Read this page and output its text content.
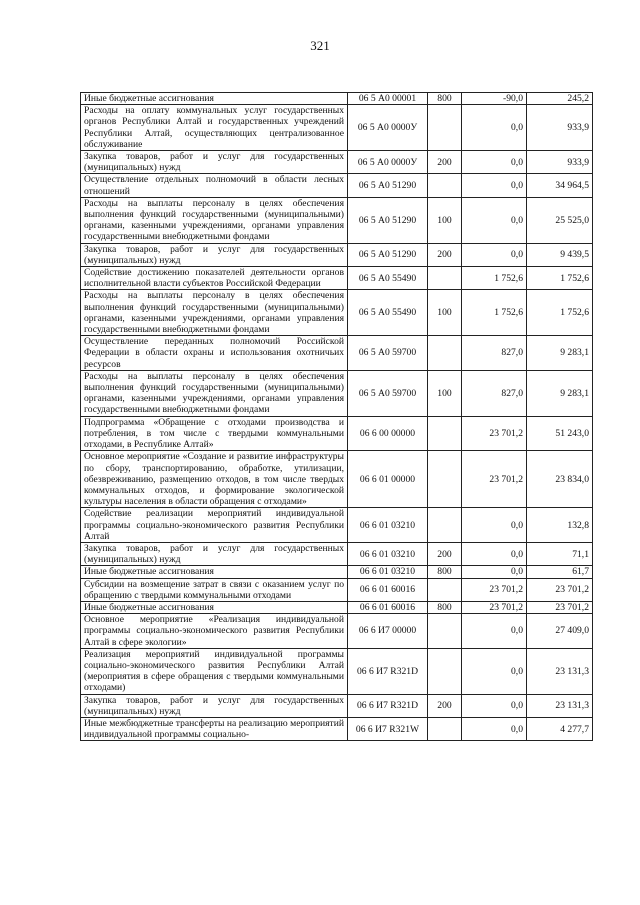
321
Иные бюджетные ассигнования	06 5 А0 00001	800	-90,0	245,2
Расходы на оплату коммунальных услуг государственных органов Республики Алтай и государственных учреждений Республики Алтай, осуществляющих централизованное обслуживание	06 5 А0 0000У		0,0	933,9
Закупка товаров, работ и услуг для государственных (муниципальных) нужд	06 5 А0 0000У	200	0,0	933,9
Осуществление отдельных полномочий в области лесных отношений	06 5 А0 51290		0,0	34 964,5
Расходы на выплаты персоналу в целях обеспечения выполнения функций государственными (муниципальными) органами, казенными учреждениями, органами управления государственными внебюджетными фондами	06 5 А0 51290	100	0,0	25 525,0
Закупка товаров, работ и услуг для государственных (муниципальных) нужд	06 5 А0 51290	200	0,0	9 439,5
Содействие достижению показателей деятельности органов исполнительной власти субъектов Российской Федерации	06 5 А0 55490		1 752,6	1 752,6
Расходы на выплаты персоналу в целях обеспечения выполнения функций государственными (муниципальными) органами, казенными учреждениями, органами управления государственными внебюджетными фондами	06 5 А0 55490	100	1 752,6	1 752,6
Осуществление переданных полномочий Российской Федерации в области охраны и использования охотничьих ресурсов	06 5 А0 59700		827,0	9 283,1
Расходы на выплаты персоналу в целях обеспечения выполнения функций государственными (муниципальными) органами, казенными учреждениями, органами управления государственными внебюджетными фондами	06 5 А0 59700	100	827,0	9 283,1
Подпрограмма «Обращение с отходами производства и потребления, в том числе с твердыми коммунальными отходами, в Республике Алтай»	06 6 00 00000		23 701,2	51 243,0
Основное мероприятие «Создание и развитие инфраструктуры по сбору, транспортированию, обработке, утилизации, обезвреживанию, размещению отходов, в том числе твердых коммунальных отходов, и формирование экологической культуры населения в области обращения с отходами»	06 6 01 00000		23 701,2	23 834,0
Содействие реализации мероприятий индивидуальной программы социально-экономического развития Республики Алтай	06 6 01 03210		0,0	132,8
Закупка товаров, работ и услуг для государственных (муниципальных) нужд	06 6 01 03210	200	0,0	71,1
Иные бюджетные ассигнования	06 6 01 03210	800	0,0	61,7
Субсидии на возмещение затрат в связи с оказанием услуг по обращению с твердыми коммунальными отходами	06 6 01 60016		23 701,2	23 701,2
Иные бюджетные ассигнования	06 6 01 60016	800	23 701,2	23 701,2
Основное мероприятие «Реализация индивидуальной программы социально-экономического развития Республики Алтай в сфере экологии»	06 6 И7 00000		0,0	27 409,0
Реализация мероприятий индивидуальной программы социально-экономического развития Республики Алтай (мероприятия в сфере обращения с твердыми коммунальными отходами)	06 6 И7 R321D		0,0	23 131,3
Закупка товаров, работ и услуг для государственных (муниципальных) нужд	06 6 И7 R321D	200	0,0	23 131,3
Иные межбюджетные трансферты на реализацию мероприятий индивидуальной программы социально-	06 6 И7 R321W		0,0	4 277,7
